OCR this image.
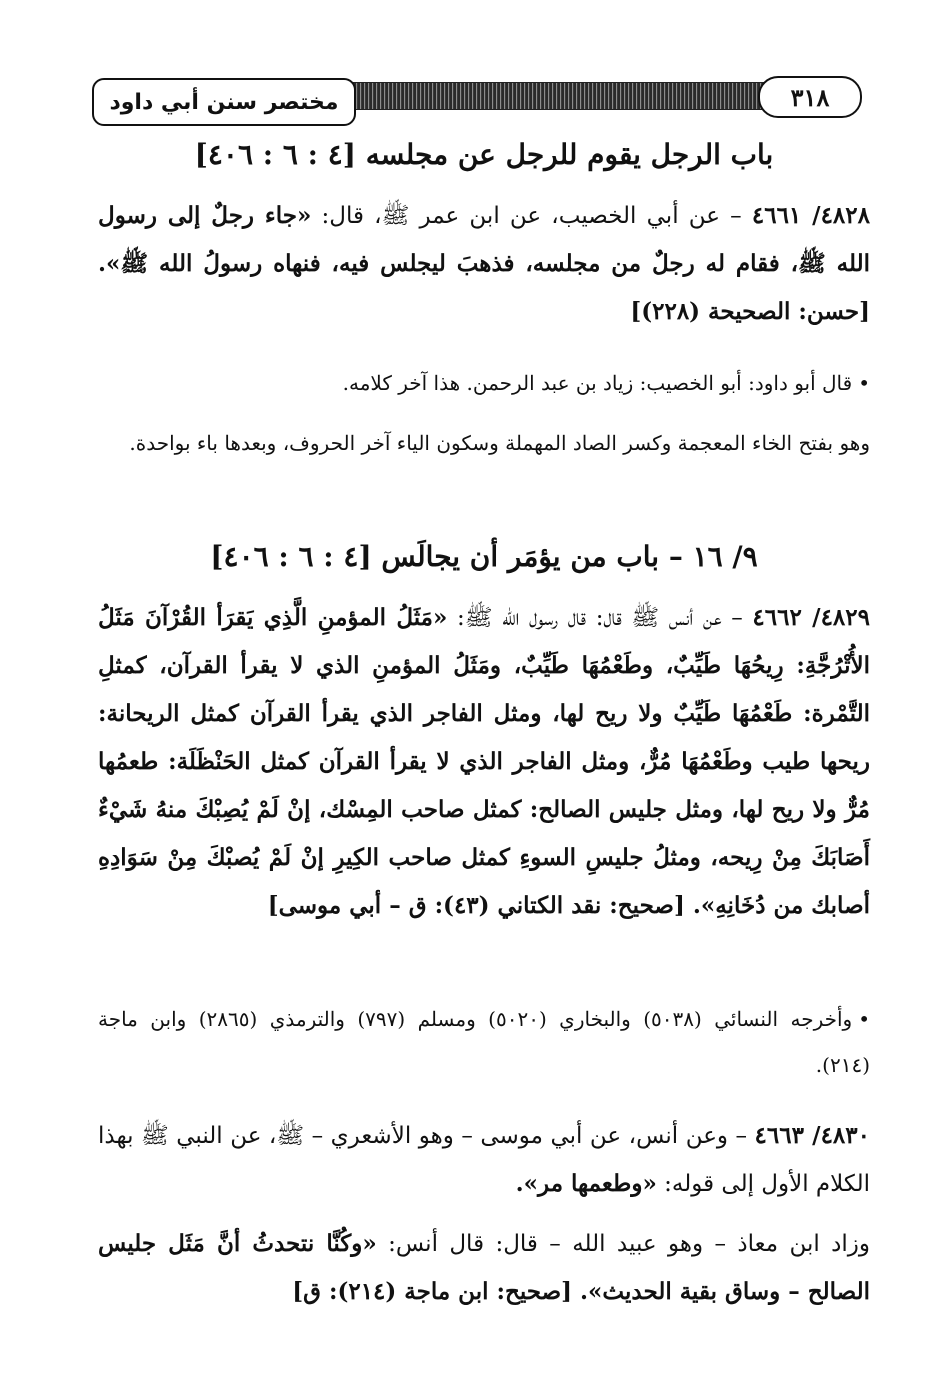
مختصر سنن أبي داود	٣١٨
باب الرجل يقوم للرجل عن مجلسه [٤ : ٦ : ٤٠٦]
٤٨٢٨/ ٤٦٦١ – عن أبي الخصيب، عن ابن عمر ﷺ، قال: «جاء رجلٌ إلى رسول الله ﷺ، فقام له رجلٌ من مجلسه، فذهبَ ليجلس فيه، فنهاه رسولُ الله ﷺ». [حسن: الصحيحة (٢٢٨)]
•قال أبو داود: أبو الخصيب: زياد بن عبد الرحمن. هذا آخر كلامه.
وهو بفتح الخاء المعجمة وكسر الصاد المهملة وسكون الياء آخر الحروف، وبعدها باء بواحدة.
٩/ ١٦ – باب من يؤمَر أن يجالَس [٤ : ٦ : ٤٠٦]
٤٨٢٩/ ٤٦٦٢ – عن أنس ﷺ قال: قال رسول الله ﷺ: «مَثَلُ المؤمنِ الَّذِي يَقرَأ القُرْآنَ مَثَلُ الأُتْرُجَّةِ: رِيحُهَا طَيِّبٌ، وطَعْمُهَا طَيِّبٌ، ومَثَلُ المؤمنِ الذي لا يقرأ القرآن، كمثلِ التَّمْرة: طَعْمُهَا طَيِّبٌ ولا ريح لها، ومثل الفاجر الذي يقرأ القرآن كمثل الريحانة: ريحها طيب وطَعْمُهَا مُرٌّ، ومثل الفاجر الذي لا يقرأ القرآن كمثل الحَنْظَلَة: طعمُها مُرٌّ ولا ريح لها، ومثل جليس الصالح: كمثل صاحب المِسْك، إنْ لَمْ يُصِبْكَ منهُ شَيْءٌ أَصَابَكَ مِنْ رِيحه، ومثلُ جليسِ السوءِ كمثل صاحب الكِيرِ إنْ لَمْ يُصبْكَ مِنْ سَوَادِهِ أصابك من دُخَانِهِ». [صحيح: نقد الكتاني (٤٣): ق – أبي موسى]
•وأخرجه النسائي (٥٠٣٨) والبخاري (٥٠٢٠) ومسلم (٧٩٧) والترمذي (٢٨٦٥) وابن ماجة (٢١٤).
٤٨٣٠/ ٤٦٦٣ – وعن أنس، عن أبي موسى – وهو الأشعري – ﷺ، عن النبي ﷺ بهذا الكلام الأول إلى قوله: «وطعمها مر».
وزاد ابن معاذ – وهو عبيد الله – قال: قال أنس: «وكُنَّا نتحدثُ أنَّ مَثَل جليس الصالح – وساق بقية الحديث». [صحيح: ابن ماجة (٢١٤): ق]
